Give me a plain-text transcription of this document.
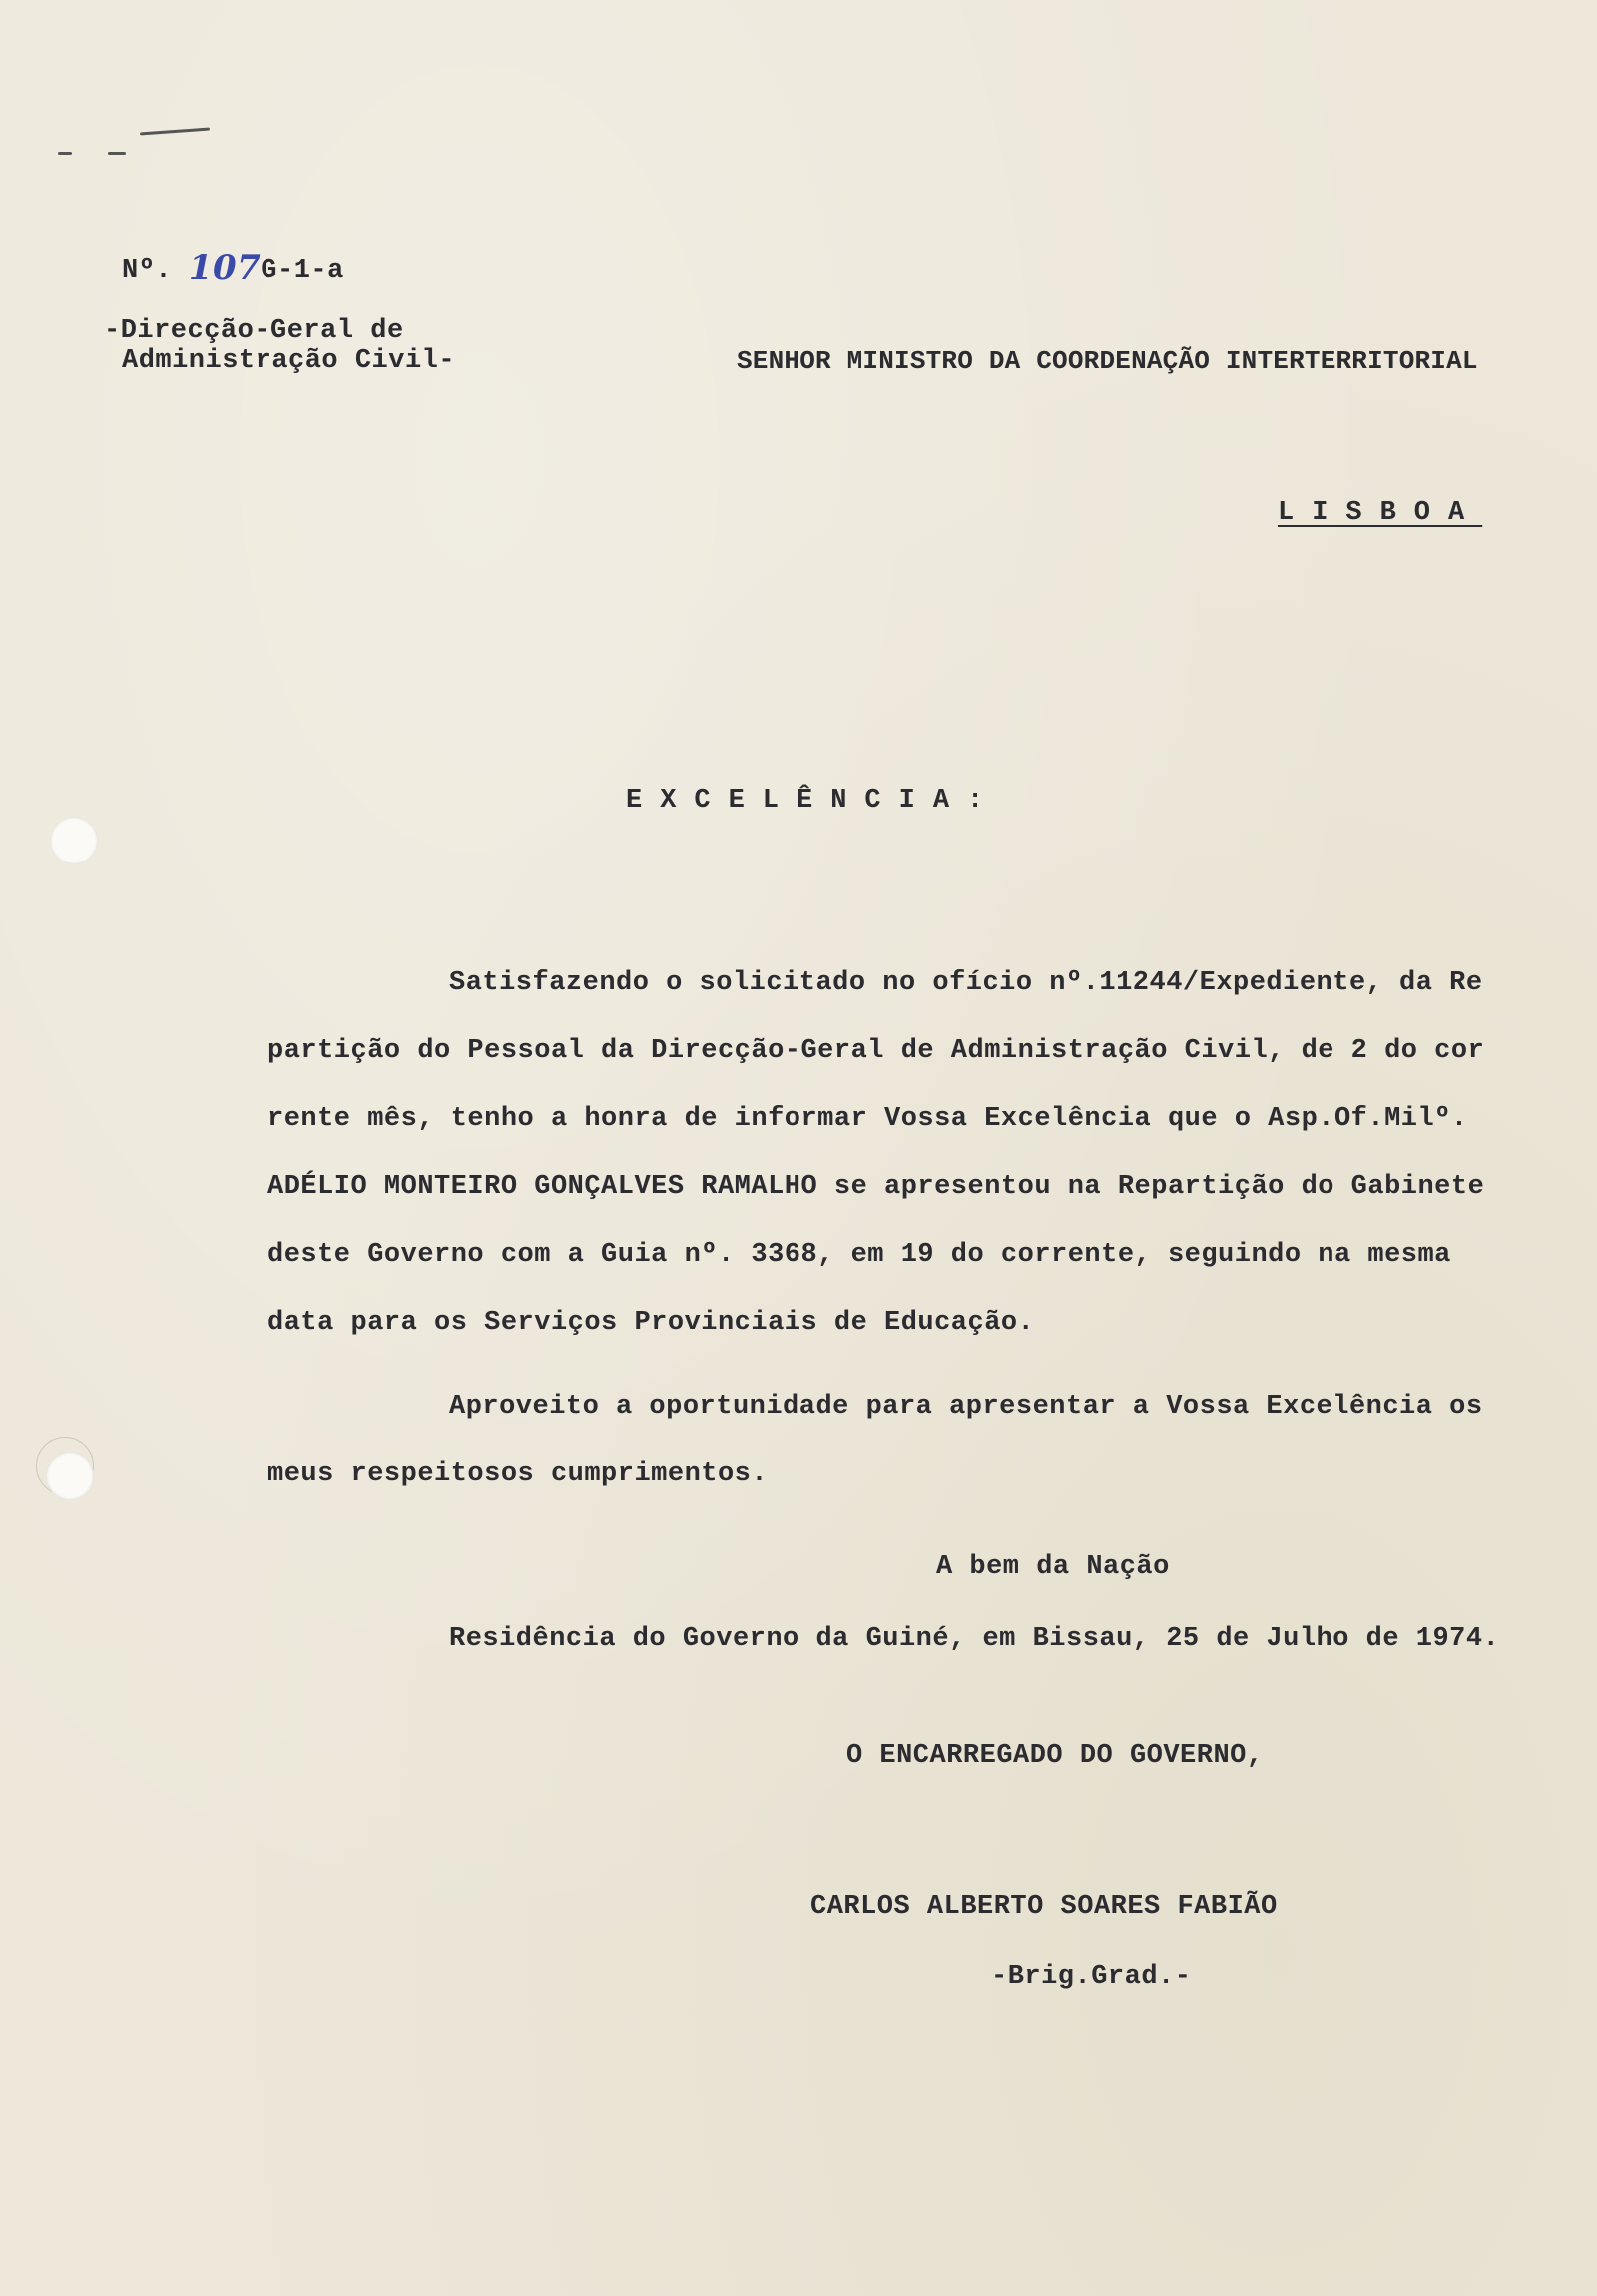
Nº. 107G-1-a
-Direcção-Geral de
Administração Civil-	SENHOR MINISTRO DA COORDENAÇÃO INTERTERRITORIAL
LISBOA
EXCELÊNCIA:
Satisfazendo o solicitado no ofício nº.11244/Expediente, da Re
partição do Pessoal da Direcção-Geral de Administração Civil, de 2 do cor
rente mês, tenho a honra de informar Vossa Excelência que o Asp.Of.Milº.
ADÉLIO MONTEIRO GONÇALVES RAMALHO se apresentou na Repartição do Gabinete
deste Governo com a Guia nº. 3368, em 19 do corrente, seguindo na mesma
data para os Serviços Provinciais de Educação.
Aproveito a oportunidade para apresentar a Vossa Excelência os
meus respeitosos cumprimentos.
A bem da Nação
Residência do Governo da Guiné, em Bissau, 25 de Julho de 1974.
O ENCARREGADO DO GOVERNO,
CARLOS ALBERTO SOARES FABIÃO
-Brig.Grad.-
